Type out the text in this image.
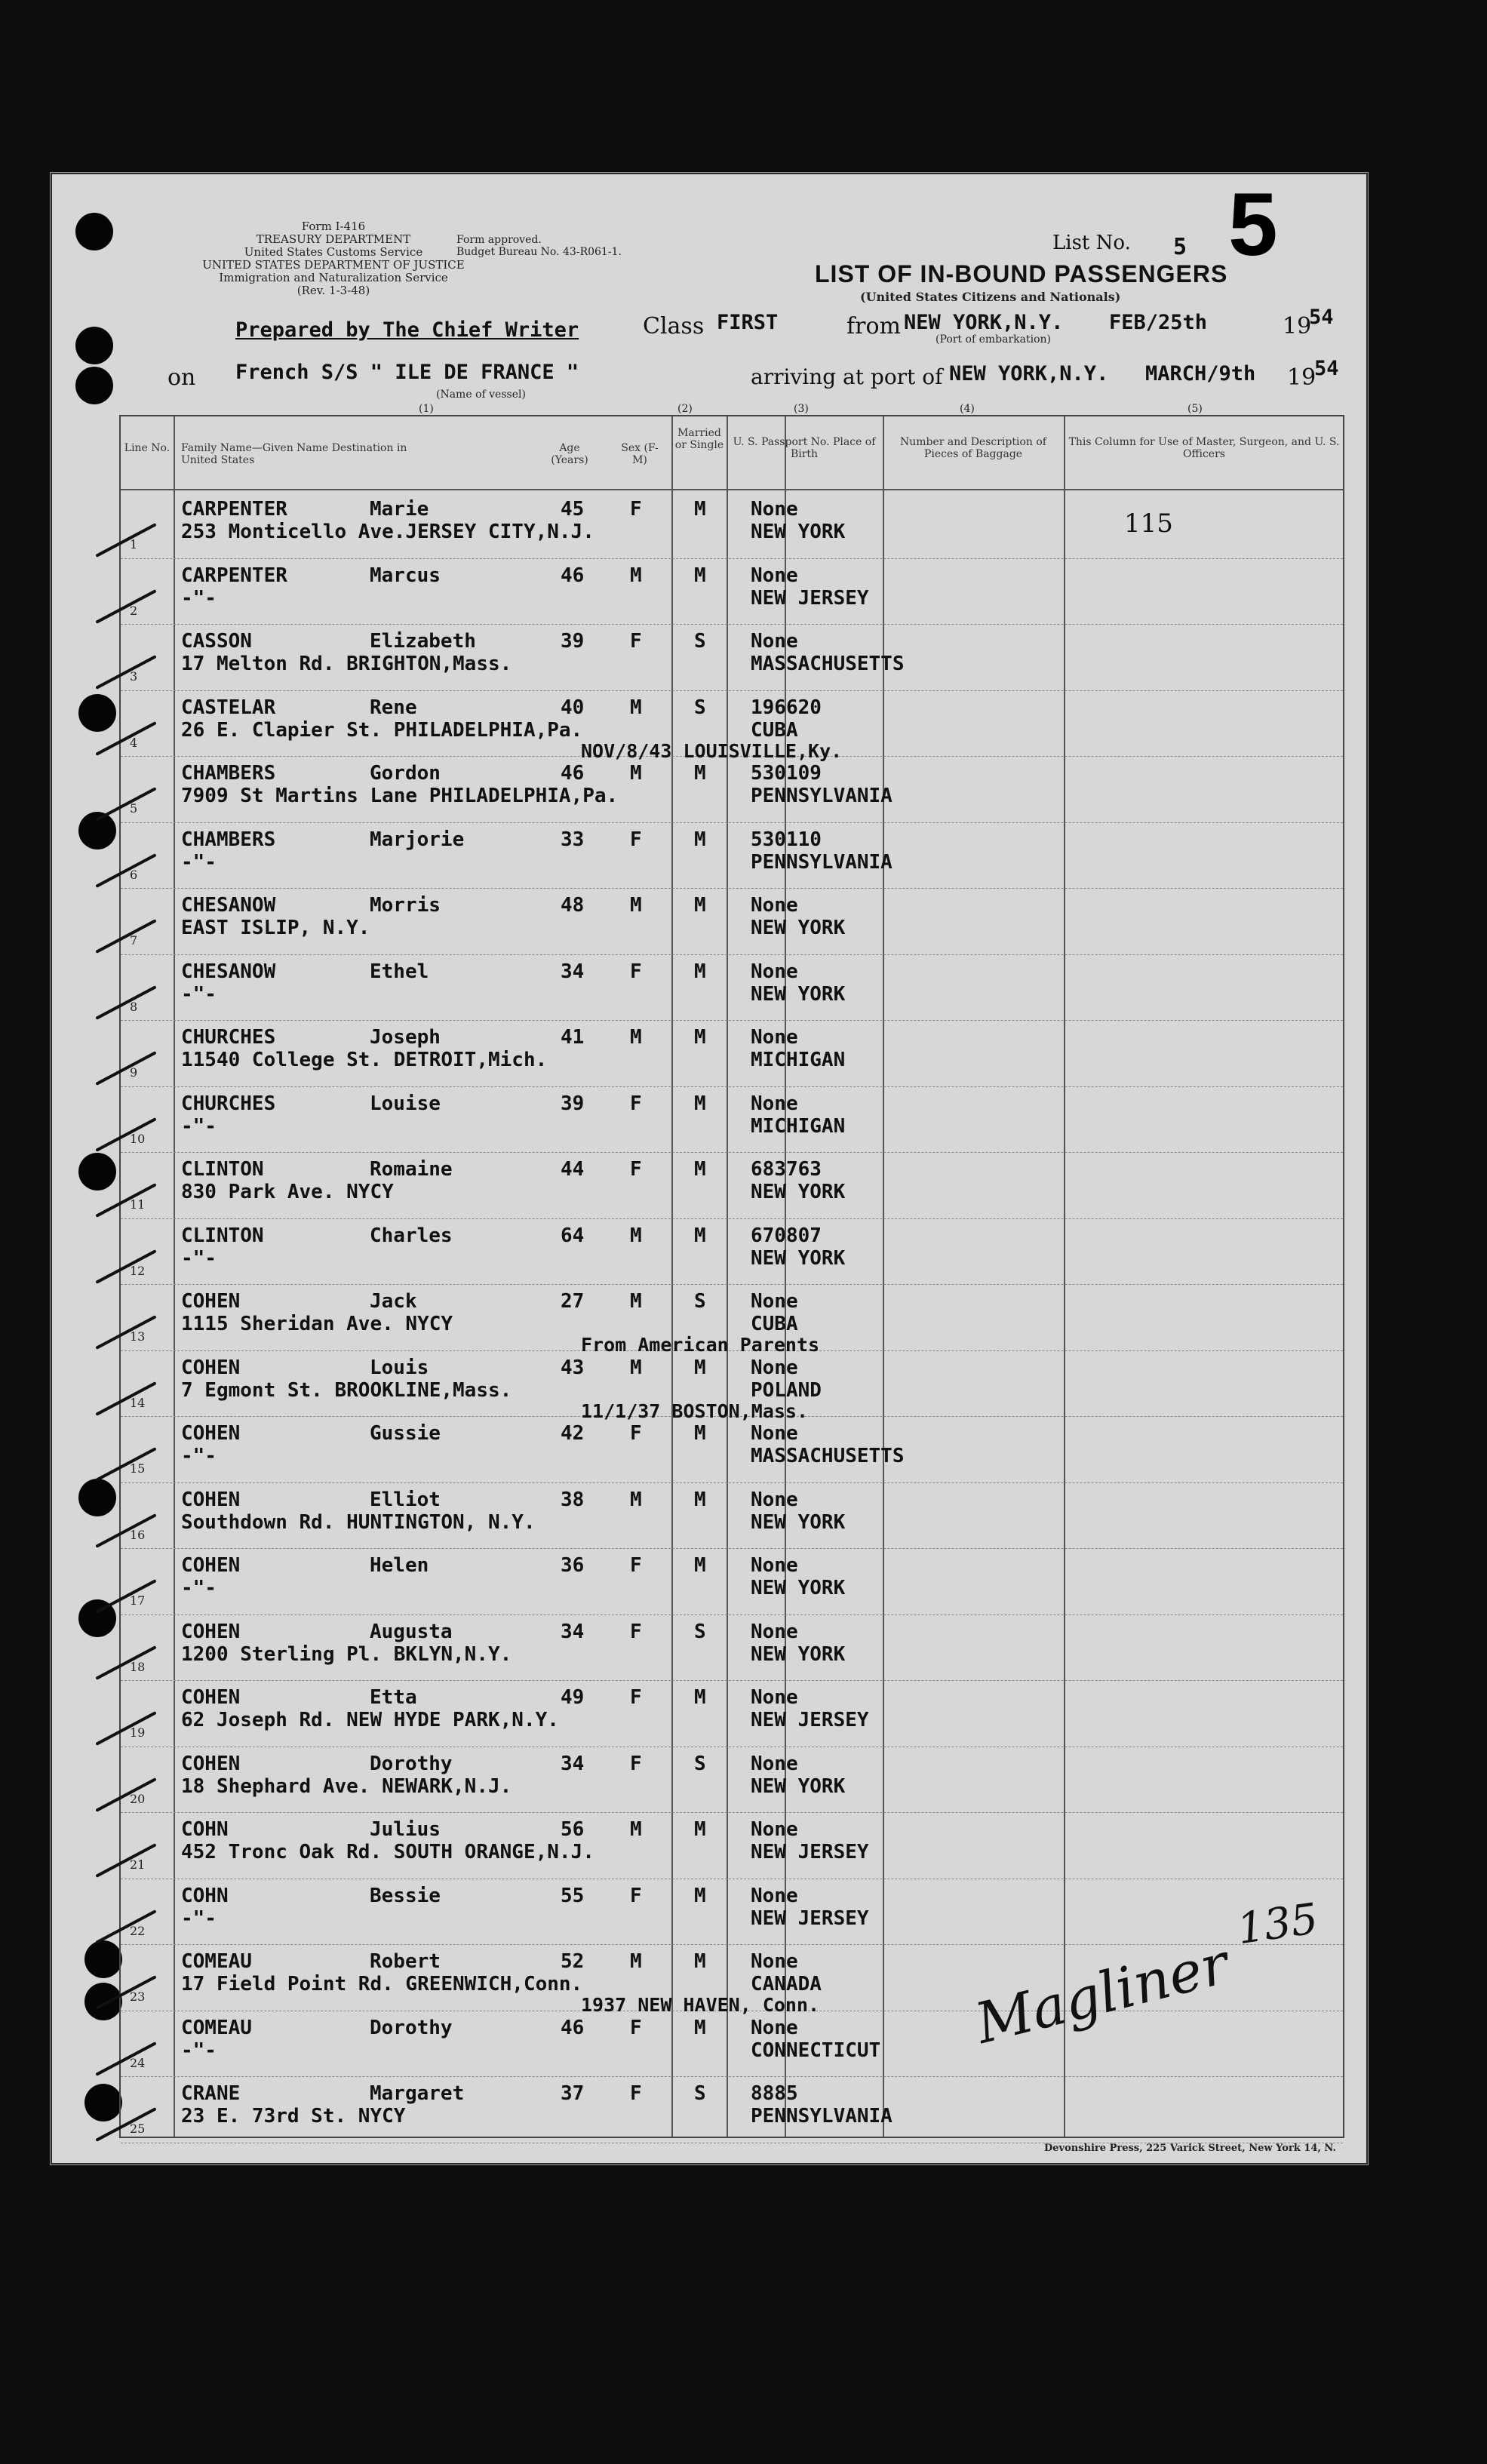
Form I-416
TREASURY DEPARTMENT
United States Customs Service
UNITED STATES DEPARTMENT OF JUSTICE
Immigration and Naturalization Service
(Rev. 1-3-48)
Form approved.
Budget Bureau No. 43-R061-1.
LIST OF IN-BOUND PASSENGERS
(United States Citizens and Nationals)
List No. 5 5
Prepared by The Chief Writer	Class FIRST	from NEW YORK,N.Y. FEB/25th	19
54
(Port of embarkation)
on French S/S " ILE DE FRANCE "
(Name of vessel)
arriving at port of NEW YORK,N.Y. MARCH/9th 19
54
(1)	(2)	(3)	(4)	(5)
Line No. Family Name—Given Name Destination in United States
Age (Years)
Sex (F-M)
Married or Single U. S. Passport No. Place of Birth
Number and Description of Pieces of Baggage
This Column for Use of Master, Surgeon, and U. S. Officers
115
1
CARPENTER	Marie	45 F	M None
253 Monticello Ave.JERSEY CITY,N.J.	NEW YORK
2
CARPENTER	Marcus	46 M	M None
-"-	NEW JERSEY
3
CASSON	Elizabeth	39 F	S None
17 Melton Rd. BRIGHTON,Mass.	MASSACHUSETTS
4
CASTELAR	Rene	40 M	S 196620
26 E. Clapier St. PHILADELPHIA,Pa.	CUBA
NOV/8/43 LOUISVILLE,Ky.
5
CHAMBERS	Gordon	46 M	M 530109
7909 St Martins Lane PHILADELPHIA,Pa.	PENNSYLVANIA
6
CHAMBERS	Marjorie	33 F	M 530110
-"-	PENNSYLVANIA
7
CHESANOW	Morris	48 M	M None
EAST ISLIP, N.Y.	NEW YORK
8
CHESANOW	Ethel	34 F	M None
-"-	NEW YORK
9
CHURCHES	Joseph	41 M	M None
11540 College St. DETROIT,Mich.	MICHIGAN
10
CHURCHES	Louise	39 F	M None
-"-	MICHIGAN
11
CLINTON	Romaine	44 F	M 683763
830 Park Ave. NYCY	NEW YORK
12
CLINTON	Charles	64 M	M 670807
-"-	NEW YORK
13
COHEN	Jack	27 M	S None
1115 Sheridan Ave. NYCY	CUBA
From American Parents
14
COHEN	Louis	43 M	M None
7 Egmont St. BROOKLINE,Mass.	POLAND
11/1/37 BOSTON,Mass.
15
COHEN	Gussie	42 F	M None
-"-	MASSACHUSETTS
16
COHEN	Elliot	38 M	M None
Southdown Rd. HUNTINGTON, N.Y.	NEW YORK
17
COHEN	Helen	36 F	M None
-"-	NEW YORK
18
COHEN	Augusta	34 F	S None
1200 Sterling Pl. BKLYN,N.Y.	NEW YORK
19
COHEN	Etta	49 F	M None
62 Joseph Rd. NEW HYDE PARK,N.Y.	NEW JERSEY
20
COHEN	Dorothy	34 F	S None
18 Shephard Ave. NEWARK,N.J.	NEW YORK
21
COHN	Julius	56 M	M None
452 Tronc Oak Rd. SOUTH ORANGE,N.J.	NEW JERSEY
22
COHN	Bessie	55 F	M None
-"-	NEW JERSEY
23
COMEAU	Robert	52 M	M None
17 Field Point Rd. GREENWICH,Conn.	CANADA
1937 NEW HAVEN, Conn.
24
COMEAU	Dorothy	46 F	M None
-"-	CONNECTICUT
25
CRANE	Margaret	37 F	S 8885
23 E. 73rd St. NYCY	PENNSYLVANIA
Magliner
135
Devonshire Press, 225 Varick Street, New York 14, N.
